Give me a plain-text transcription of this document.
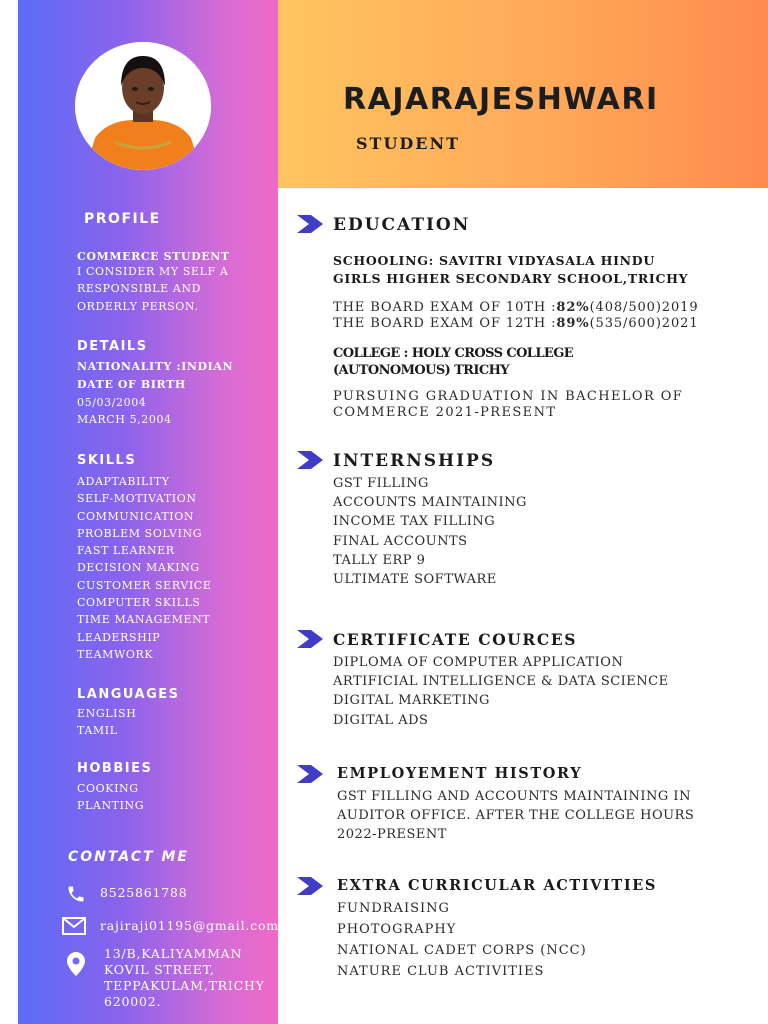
RAJARAJESHWARI
STUDENT
PROFILE
COMMERCE STUDENT
I CONSIDER MY SELF A
RESPONSIBLE AND
ORDERLY PERSON.
DETAILS
NATIONALITY :INDIAN
DATE OF BIRTH
05/03/2004
MARCH 5,2004
SKILLS
ADAPTABILITY
SELF-MOTIVATION
COMMUNICATION
PROBLEM SOLVING
FAST LEARNER
DECISION MAKING
CUSTOMER SERVICE
COMPUTER SKILLS
TIME MANAGEMENT
LEADERSHIP
TEAMWORK
LANGUAGES
ENGLISH
TAMIL
HOBBIES
COOKING
PLANTING
CONTACT ME
8525861788
rajiraji01195@gmail.com
13/B,KALIYAMMAN
KOVIL STREET,
TEPPAKULAM,TRICHY
620002.
EDUCATION
SCHOOLING: SAVITRI VIDYASALA HINDU
GIRLS HIGHER SECONDARY SCHOOL,TRICHY
THE BOARD EXAM OF 10TH :82%(408/500)2019
THE BOARD EXAM OF 12TH :89%(535/600)2021
COLLEGE : HOLY CROSS COLLEGE
(AUTONOMOUS) TRICHY
PURSUING GRADUATION IN BACHELOR OF
COMMERCE 2021-PRESENT
INTERNSHIPS
GST FILLING
ACCOUNTS MAINTAINING
INCOME TAX FILLING
FINAL ACCOUNTS
TALLY ERP 9
ULTIMATE SOFTWARE
CERTIFICATE COURCES
DIPLOMA OF COMPUTER APPLICATION
ARTIFICIAL INTELLIGENCE & DATA SCIENCE
DIGITAL MARKETING
DIGITAL ADS
EMPLOYEMENT HISTORY
GST FILLING AND ACCOUNTS MAINTAINING IN
AUDITOR OFFICE. AFTER THE COLLEGE HOURS
2022-PRESENT
EXTRA CURRICULAR ACTIVITIES
FUNDRAISING
PHOTOGRAPHY
NATIONAL CADET CORPS (NCC)
NATURE CLUB ACTIVITIES
